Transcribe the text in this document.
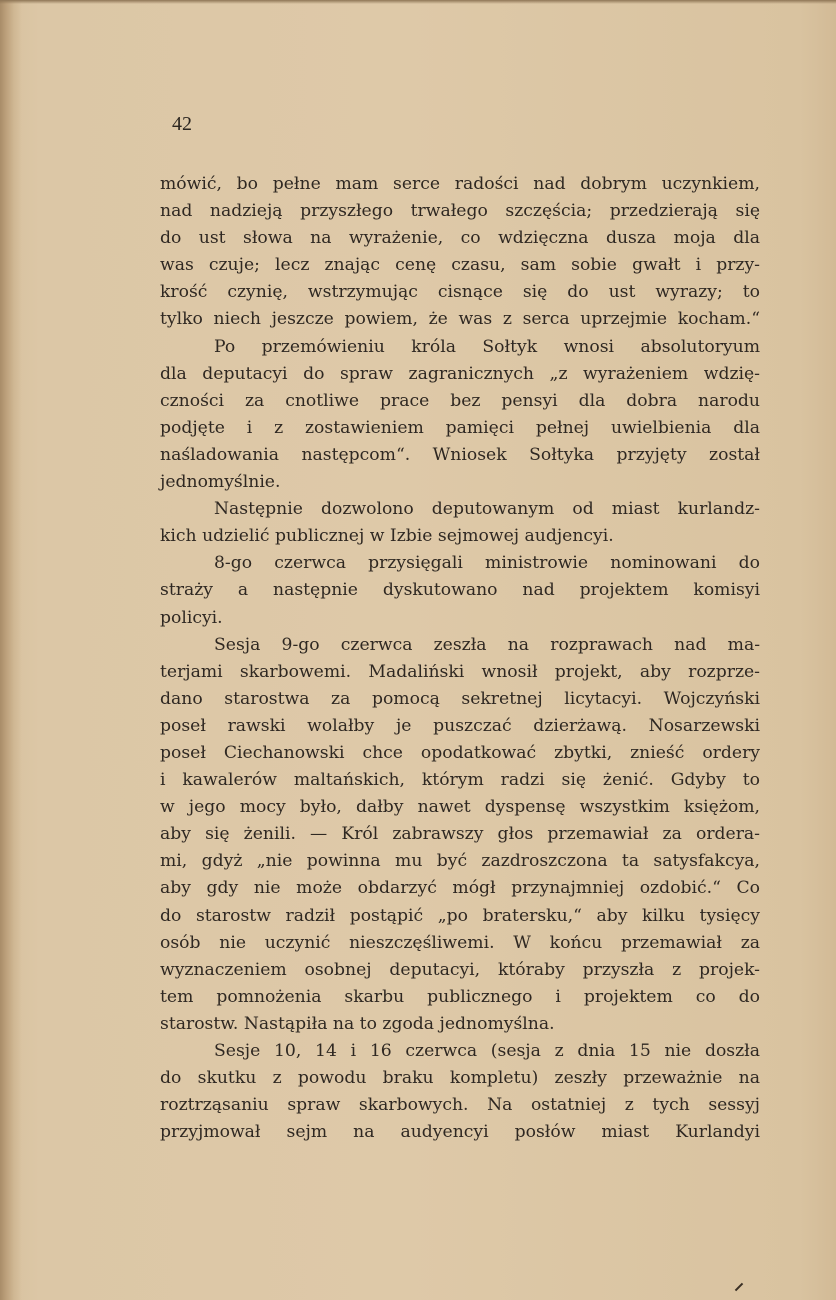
42
mówić, bo pełne mam serce radości nad dobrym uczynkiem,
nad nadzieją przyszłego trwałego szczęścia; przedzierają się
do ust słowa na wyrażenie, co wdzięczna dusza moja dla
was czuje; lecz znając cenę czasu, sam sobie gwałt i przy-
krość czynię, wstrzymując cisnące się do ust wyrazy; to
tylko niech jeszcze powiem, że was z serca uprzejmie kocham.“
Po przemówieniu króla Sołtyk wnosi absolutoryum
dla deputacyi do spraw zagranicznych „z wyrażeniem wdzię-
czności za cnotliwe prace bez pensyi dla dobra narodu
podjęte i z zostawieniem pamięci pełnej uwielbienia dla
naśladowania następcom“. Wniosek Sołtyka przyjęty został
jednomyślnie.
Następnie dozwolono deputowanym od miast kurlandz-
kich udzielić publicznej w Izbie sejmowej audjencyi.
8-go czerwca przysięgali ministrowie nominowani do
straży a następnie dyskutowano nad projektem komisyi
policyi.
Sesja 9-go czerwca zeszła na rozprawach nad ma-
terjami skarbowemi. Madaliński wnosił projekt, aby rozprze-
dano starostwa za pomocą sekretnej licytacyi. Wojczyński
poseł rawski wolałby je puszczać dzierżawą. Nosarzewski
poseł Ciechanowski chce opodatkować zbytki, znieść ordery
i kawalerów maltańskich, którym radzi się żenić. Gdyby to
w jego mocy było, dałby nawet dyspensę wszystkim księżom,
aby się żenili. — Król zabrawszy głos przemawiał za ordera-
mi, gdyż „nie powinna mu być zazdroszczona ta satysfakcya,
aby gdy nie może obdarzyć mógł przynajmniej ozdobić.“ Co
do starostw radził postąpić „po bratersku,“ aby kilku tysięcy
osób nie uczynić nieszczęśliwemi. W końcu przemawiał za
wyznaczeniem osobnej deputacyi, któraby przyszła z projek-
tem pomnożenia skarbu publicznego i projektem co do
starostw. Nastąpiła na to zgoda jednomyślna.
Sesje 10, 14 i 16 czerwca (sesja z dnia 15 nie doszła
do skutku z powodu braku kompletu) zeszły przeważnie na
roztrząsaniu spraw skarbowych. Na ostatniej z tych sessyj
przyjmował sejm na audyencyi posłów miast Kurlandyi
